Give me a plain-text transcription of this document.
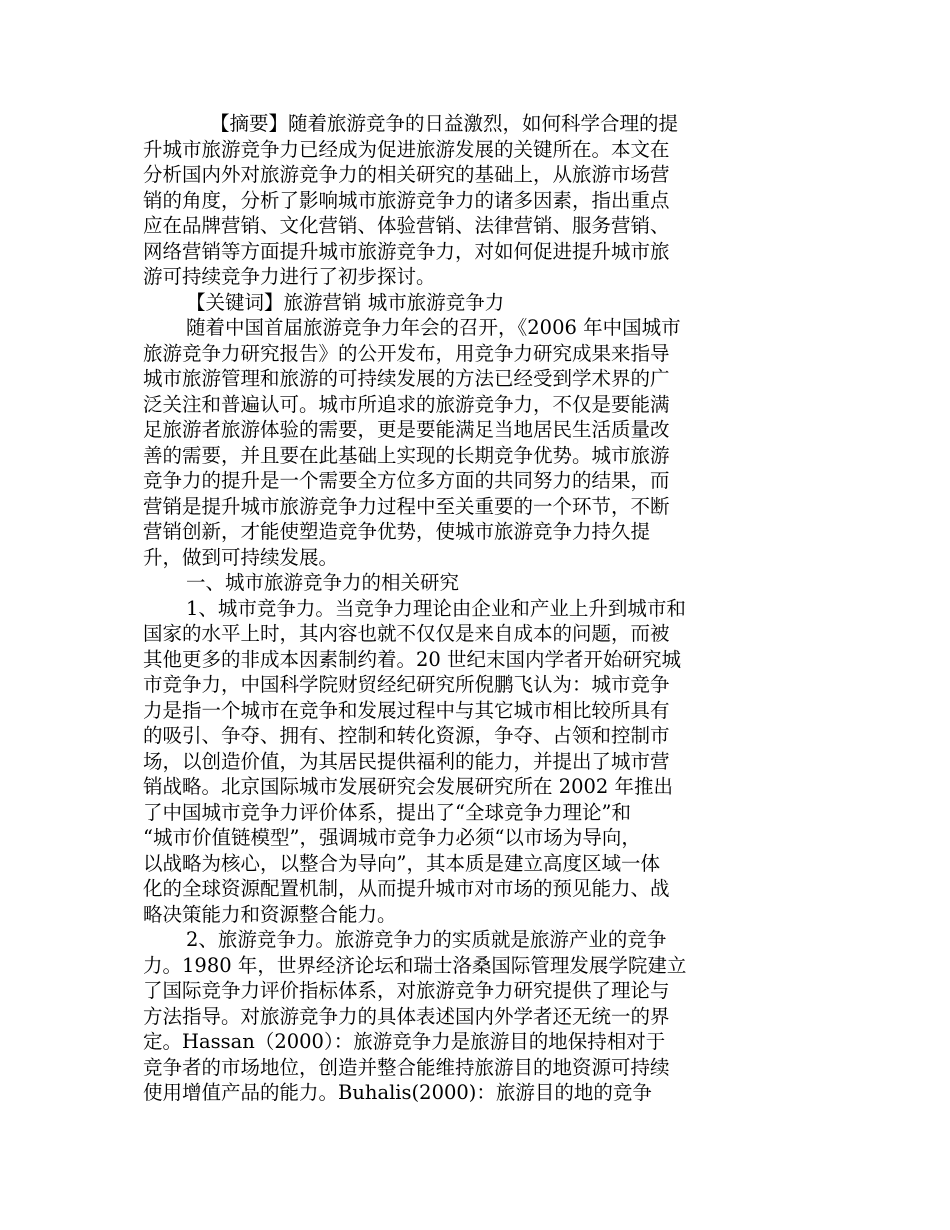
【摘要】随着旅游竞争的日益激烈，如何科学合理的提
升城市旅游竞争力已经成为促进旅游发展的关键所在。本文在
分析国内外对旅游竞争力的相关研究的基础上，从旅游市场营
销的角度，分析了影响城市旅游竞争力的诸多因素，指出重点
应在品牌营销、文化营销、体验营销、法律营销、服务营销、
网络营销等方面提升城市旅游竞争力，对如何促进提升城市旅
游可持续竞争力进行了初步探讨。
【关键词】旅游营销 城市旅游竞争力
随着中国首届旅游竞争力年会的召开，《2006 年中国城市
旅游竞争力研究报告》的公开发布，用竞争力研究成果来指导
城市旅游管理和旅游的可持续发展的方法已经受到学术界的广
泛关注和普遍认可。城市所追求的旅游竞争力，不仅是要能满
足旅游者旅游体验的需要，更是要能满足当地居民生活质量改
善的需要，并且要在此基础上实现的长期竞争优势。城市旅游
竞争力的提升是一个需要全方位多方面的共同努力的结果，而
营销是提升城市旅游竞争力过程中至关重要的一个环节，不断
营销创新，才能使塑造竞争优势，使城市旅游竞争力持久提
升，做到可持续发展。
一、城市旅游竞争力的相关研究
1、城市竞争力。当竞争力理论由企业和产业上升到城市和
国家的水平上时，其内容也就不仅仅是来自成本的问题，而被
其他更多的非成本因素制约着。20 世纪末国内学者开始研究城
市竞争力，中国科学院财贸经纪研究所倪鹏飞认为：城市竞争
力是指一个城市在竞争和发展过程中与其它城市相比较所具有
的吸引、争夺、拥有、控制和转化资源，争夺、占领和控制市
场，以创造价值，为其居民提供福利的能力，并提出了城市营
销战略。北京国际城市发展研究会发展研究所在 2002 年推出
了中国城市竞争力评价体系，提出了“全球竞争力理论”和
“城市价值链模型”，强调城市竞争力必须“以市场为导向，
以战略为核心，以整合为导向”，其本质是建立高度区域一体
化的全球资源配置机制，从而提升城市对市场的预见能力、战
略决策能力和资源整合能力。
2、旅游竞争力。旅游竞争力的实质就是旅游产业的竞争
力。1980 年，世界经济论坛和瑞士洛桑国际管理发展学院建立
了国际竞争力评价指标体系，对旅游竞争力研究提供了理论与
方法指导。对旅游竞争力的具体表述国内外学者还无统一的界
定。Hassan（2000）：旅游竞争力是旅游目的地保持相对于
竞争者的市场地位，创造并整合能维持旅游目的地资源可持续
使用增值产品的能力。Buhalis(2000)：旅游目的地的竞争
